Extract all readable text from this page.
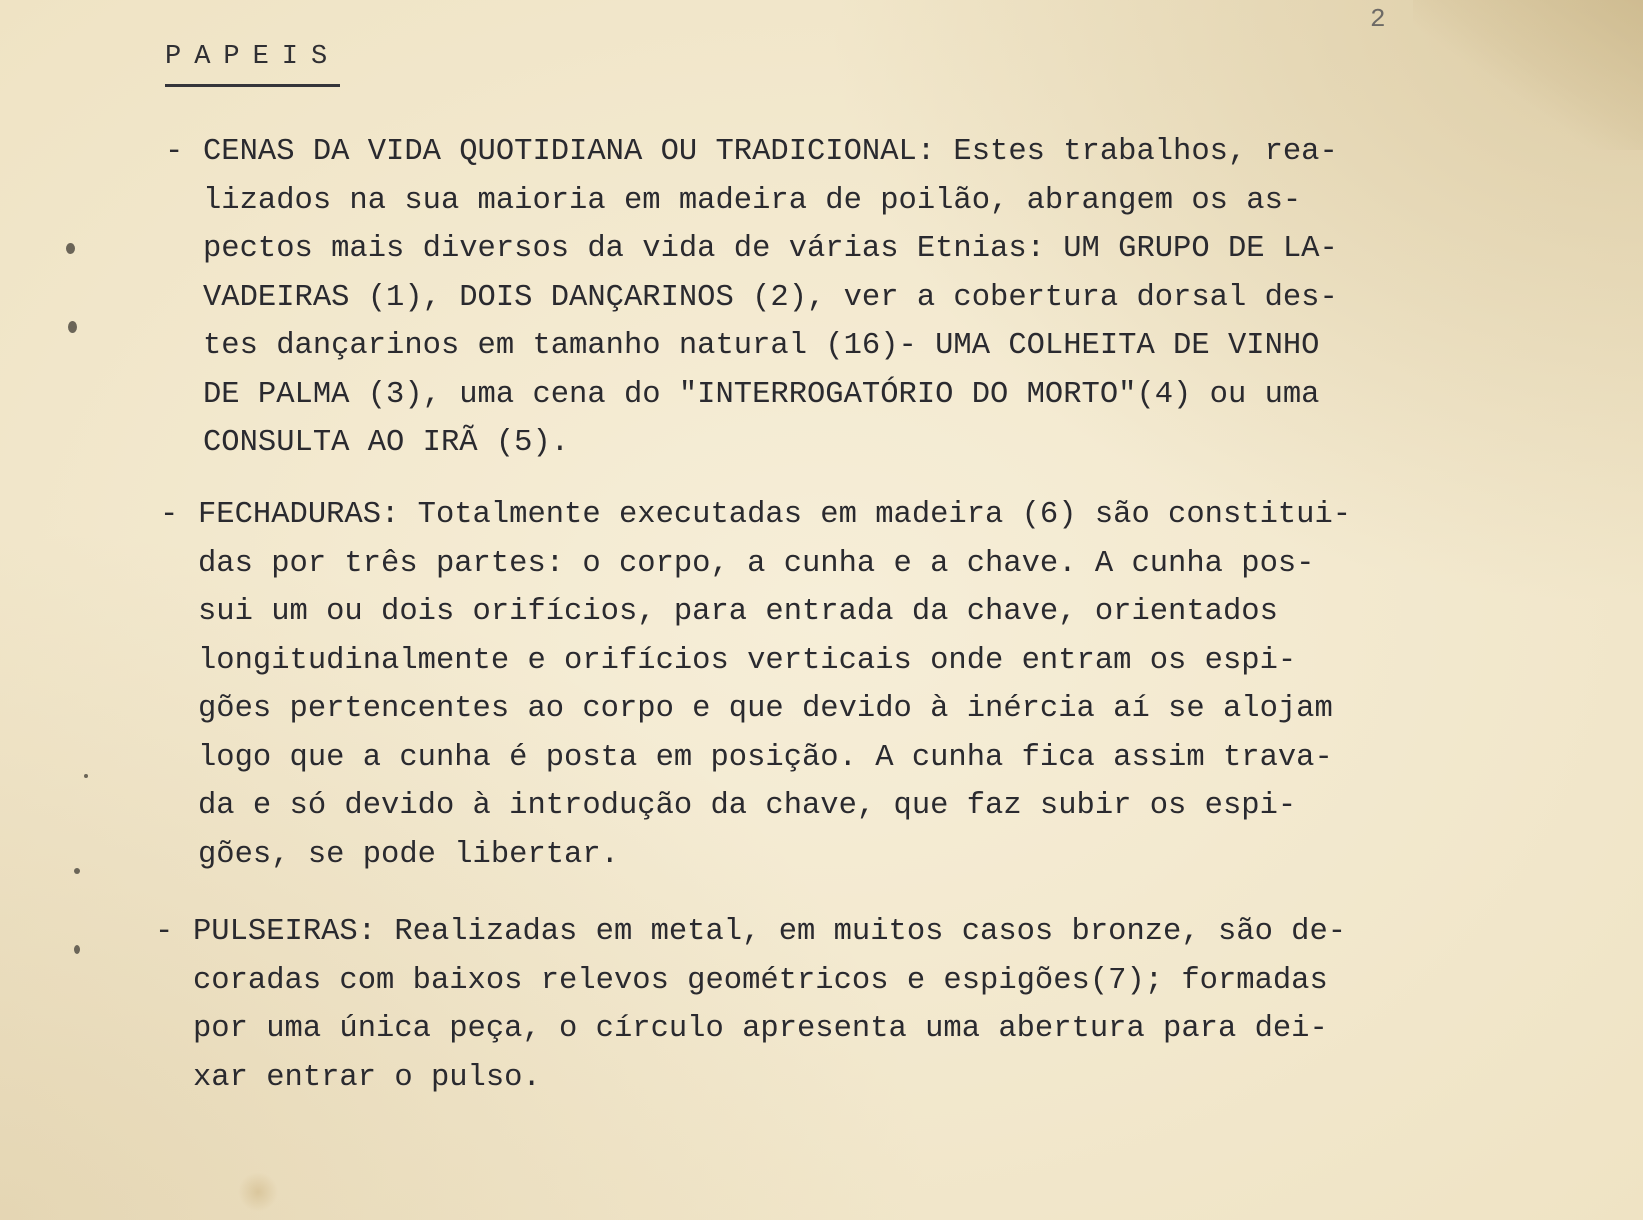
2
PAPEIS
- CENAS DA VIDA QUOTIDIANA OU TRADICIONAL: Estes trabalhos, rea-
lizados na sua maioria em madeira de poilão, abrangem os as-
pectos mais diversos da vida de várias Etnias: UM GRUPO DE LA-
VADEIRAS (1), DOIS DANÇARINOS (2), ver a cobertura dorsal des-
tes dançarinos em tamanho natural (16)- UMA COLHEITA DE VINHO
DE PALMA (3), uma cena do "INTERROGATÓRIO DO MORTO"(4) ou uma
CONSULTA AO IRÃ (5).
- FECHADURAS: Totalmente executadas em madeira (6) são constitui-
das por três partes: o corpo, a cunha e a chave. A cunha pos-
sui um ou dois orifícios, para entrada da chave, orientados
longitudinalmente e orifícios verticais onde entram os espi-
gões pertencentes ao corpo e que devido à inércia aí se alojam
logo que a cunha é posta em posição. A cunha fica assim trava-
da e só devido à introdução da chave, que faz subir os espi-
gões, se pode libertar.
- PULSEIRAS: Realizadas em metal, em muitos casos bronze, são de-
coradas com baixos relevos geométricos e espigões(7); formadas
por uma única peça, o círculo apresenta uma abertura para dei-
xar entrar o pulso.
